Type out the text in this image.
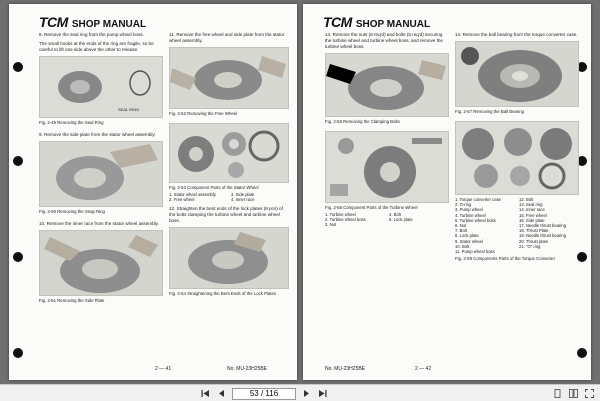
TCM SHOP MANUAL
8. Remove the seal ring from the pump wheel boss.
The small hooks at the ends of the ring are fragile, so be careful to lift one side above the other to release.
SEAL RING
Fig. 2-49 Removing the Seal Ring
9. Remove the side plate from the stator wheel assembly.
Fig. 2-50 Removing the Snap Ring
10. Remove the inner race from the stator wheel assembly.
Fig. 2-51 Removing the Side Plate
11. Remove the free wheel and side plate from the stator wheel assembly.
Fig. 2-52 Removing the Free Wheel
Fig. 2-53 Component Parts of the Stator Wheel
1. Stator wheel assembly	3. Side plate
2. Free wheel	4. Inner race
12. Straighten the bent ends of the lock plates (8 pcs) of the bolts clamping the turbine wheel and turbine wheel boss.
Fig. 2-54 Straightening the Bent Ends of the Lock Plates
2 — 41	No. MU-23H25BE
TCM SHOP MANUAL
13. Remove the nuts (8 req'd) and bolts (8 req'd) securing the turbine wheel and turbine wheel boss, and remove the turbine wheel boss.
Fig. 2-55 Removing the Clamping Bolts
Fig. 2-56 Component Parts of the Turbine Wheel
1. Turbine wheel	4. Bolt
2. Turbine wheel boss	5. Lock plate
3. Nut
14. Remove the ball bearing from the torque converter case.
Fig. 2-57 Removing the Ball Bearing
1. Torque converter case	12. Bolt
2. O-ring	13. Seal ring
3. Pump wheel	14. Inner race
4. Turbine wheel	15. Free wheel
5. Turbine wheel boss	16. Side plate
6. Nut	17. Needle thrust bearing
7. Bolt	18. Thrust Plate
8. Lock plate	19. Needle thrust bearing
9. Stator wheel	20. Thrust plate
10. Bolt	21. "O" ring
11. Pump wheel boss
Fig. 2-58 Components Parts of the Torque Converter
No. MU-23H25BE	2 — 42
53 / 116
